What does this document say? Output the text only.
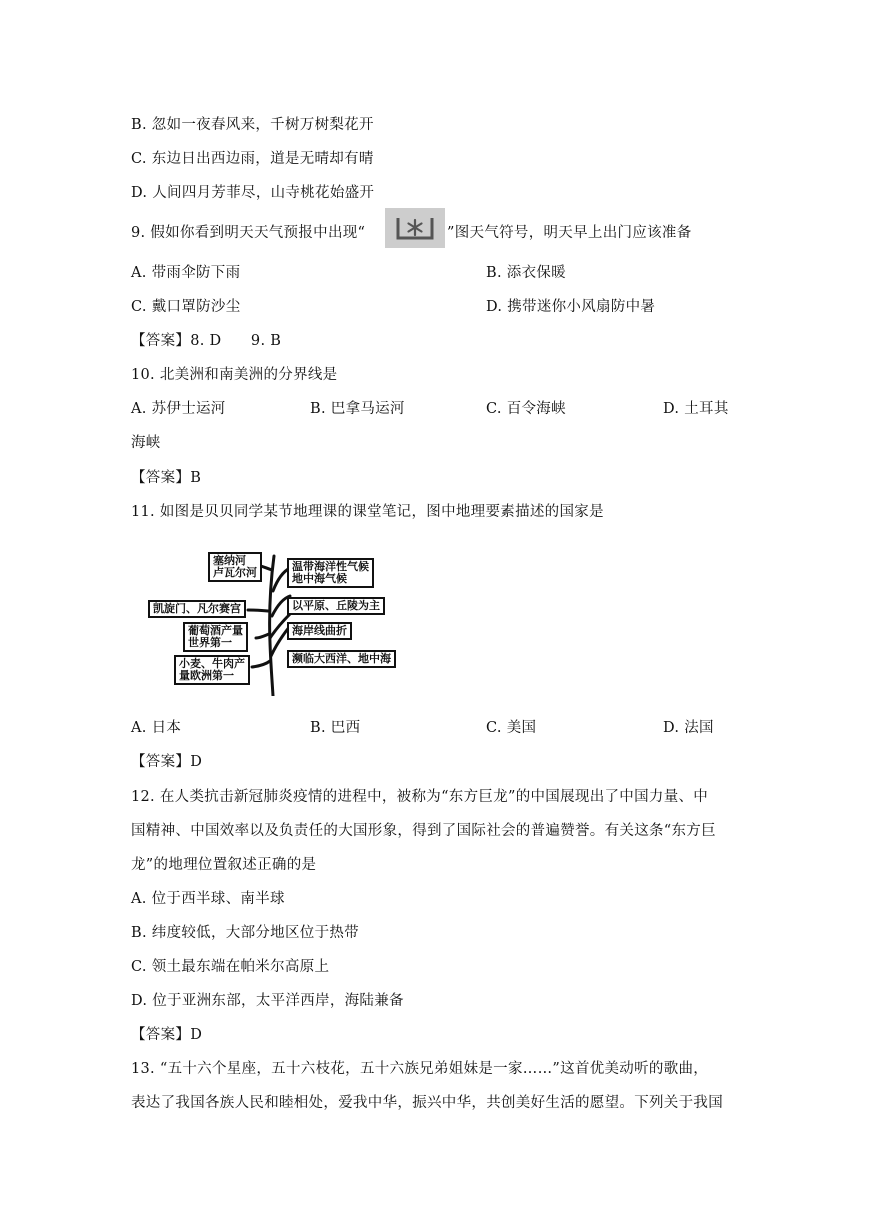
B. 忽如一夜春风来，千树万树梨花开
C. 东边日出西边雨，道是无晴却有晴
D. 人间四月芳菲尽，山寺桃花始盛开
9. 假如你看到明天天气预报中出现“	”图天气符号，明天早上出门应该准备
A. 带雨伞防下雨	B. 添衣保暖
C. 戴口罩防沙尘	D. 携带迷你小风扇防中暑
【答案】8. D      9. B
10. 北美洲和南美洲的分界线是
A. 苏伊士运河	B. 巴拿马运河	C. 百令海峡	D. 土耳其
海峡
【答案】B
11. 如图是贝贝同学某节地理课的课堂笔记，图中地理要素描述的国家是
塞纳河
卢瓦尔河
凯旋门、凡尔赛宫
葡萄酒产量
世界第一
小麦、牛肉产
量欧洲第一
温带海洋性气候
地中海气候
以平原、丘陵为主
海岸线曲折
濒临大西洋、地中海
A. 日本	B. 巴西	C. 美国	D. 法国
【答案】D
12. 在人类抗击新冠肺炎疫情的进程中，被称为“东方巨龙”的中国展现出了中国力量、中
国精神、中国效率以及负责任的大国形象，得到了国际社会的普遍赞誉。有关这条“东方巨
龙”的地理位置叙述正确的是
A. 位于西半球、南半球
B. 纬度较低，大部分地区位于热带
C. 领土最东端在帕米尔高原上
D. 位于亚洲东部，太平洋西岸，海陆兼备
【答案】D
13. “五十六个星座，五十六枝花，五十六族兄弟姐妹是一家……”这首优美动听的歌曲，
表达了我国各族人民和睦相处，爱我中华，振兴中华，共创美好生活的愿望。下列关于我国
